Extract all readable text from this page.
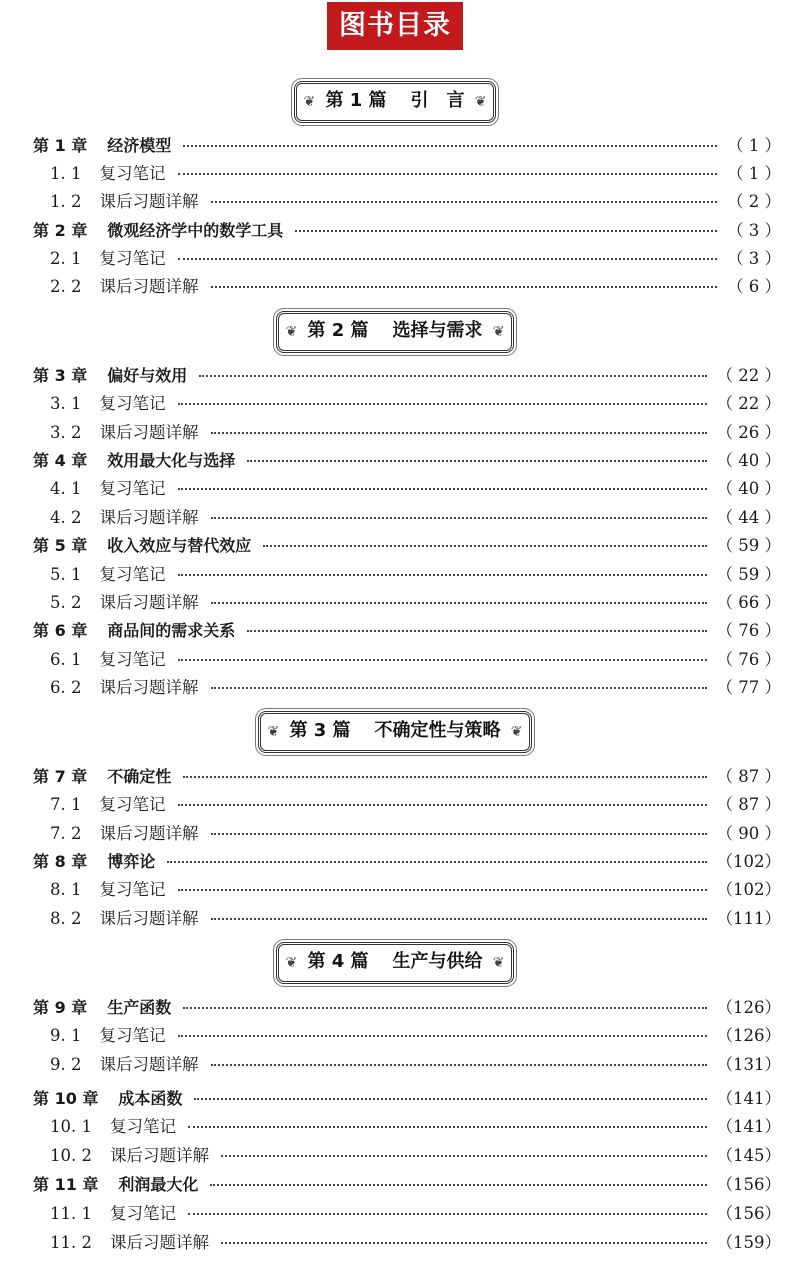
图书目录
❦ 第 1 篇 引　言 ❦
❦ 第 2 篇 选择与需求 ❦
❦ 第 3 篇 不确定性与策略 ❦
❦ 第 4 篇 生产与供给 ❦
第 1 章 经济模型	（ 1 ）
1. 1 复习笔记	（ 1 ）
1. 2 课后习题详解	（ 2 ）
第 2 章 微观经济学中的数学工具	（ 3 ）
2. 1 复习笔记	（ 3 ）
2. 2 课后习题详解	（ 6 ）
第 3 章 偏好与效用	（ 22 ）
3. 1 复习笔记	（ 22 ）
3. 2 课后习题详解	（ 26 ）
第 4 章 效用最大化与选择	（ 40 ）
4. 1 复习笔记	（ 40 ）
4. 2 课后习题详解	（ 44 ）
第 5 章 收入效应与替代效应	（ 59 ）
5. 1 复习笔记	（ 59 ）
5. 2 课后习题详解	（ 66 ）
第 6 章 商品间的需求关系	（ 76 ）
6. 1 复习笔记	（ 76 ）
6. 2 课后习题详解	（ 77 ）
第 7 章 不确定性	（ 87 ）
7. 1 复习笔记	（ 87 ）
7. 2 课后习题详解	（ 90 ）
第 8 章 博弈论	（102）
8. 1 复习笔记	（102）
8. 2 课后习题详解	（111）
第 9 章 生产函数	（126）
9. 1 复习笔记	（126）
9. 2 课后习题详解	（131）
第 10 章 成本函数	（141）
10. 1 复习笔记	（141）
10. 2 课后习题详解	（145）
第 11 章 利润最大化	（156）
11. 1 复习笔记	（156）
11. 2 课后习题详解	（159）
